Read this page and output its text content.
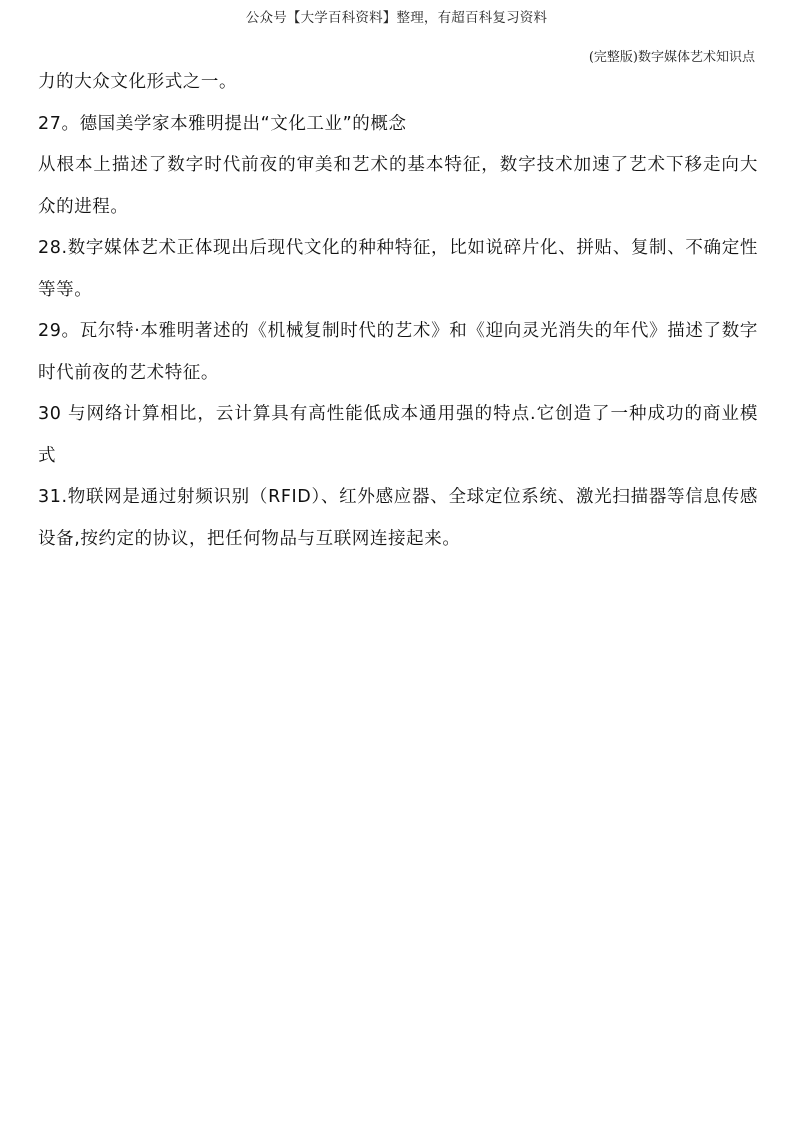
公众号【大学百科资料】整理，有超百科复习资料
(完整版)数字媒体艺术知识点

力的大众文化形式之一。

27。德国美学家本雅明提出“文化工业”的概念

从根本上描述了数字时代前夜的审美和艺术的基本特征，数字技术加速了艺术下移走向大众的进程。

28.数字媒体艺术正体现出后现代文化的种种特征，比如说碎片化、拼贴、复制、不确定性等等。

29。瓦尔特·本雅明著述的《机械复制时代的艺术》和《迎向灵光消失的年代》描述了数字时代前夜的艺术特征。

30 与网络计算相比，云计算具有高性能低成本通用强的特点.它创造了一种成功的商业模式

31.物联网是通过射频识别（RFID）、红外感应器、全球定位系统、激光扫描器等信息传感设备,按约定的协议，把任何物品与互联网连接起来。
